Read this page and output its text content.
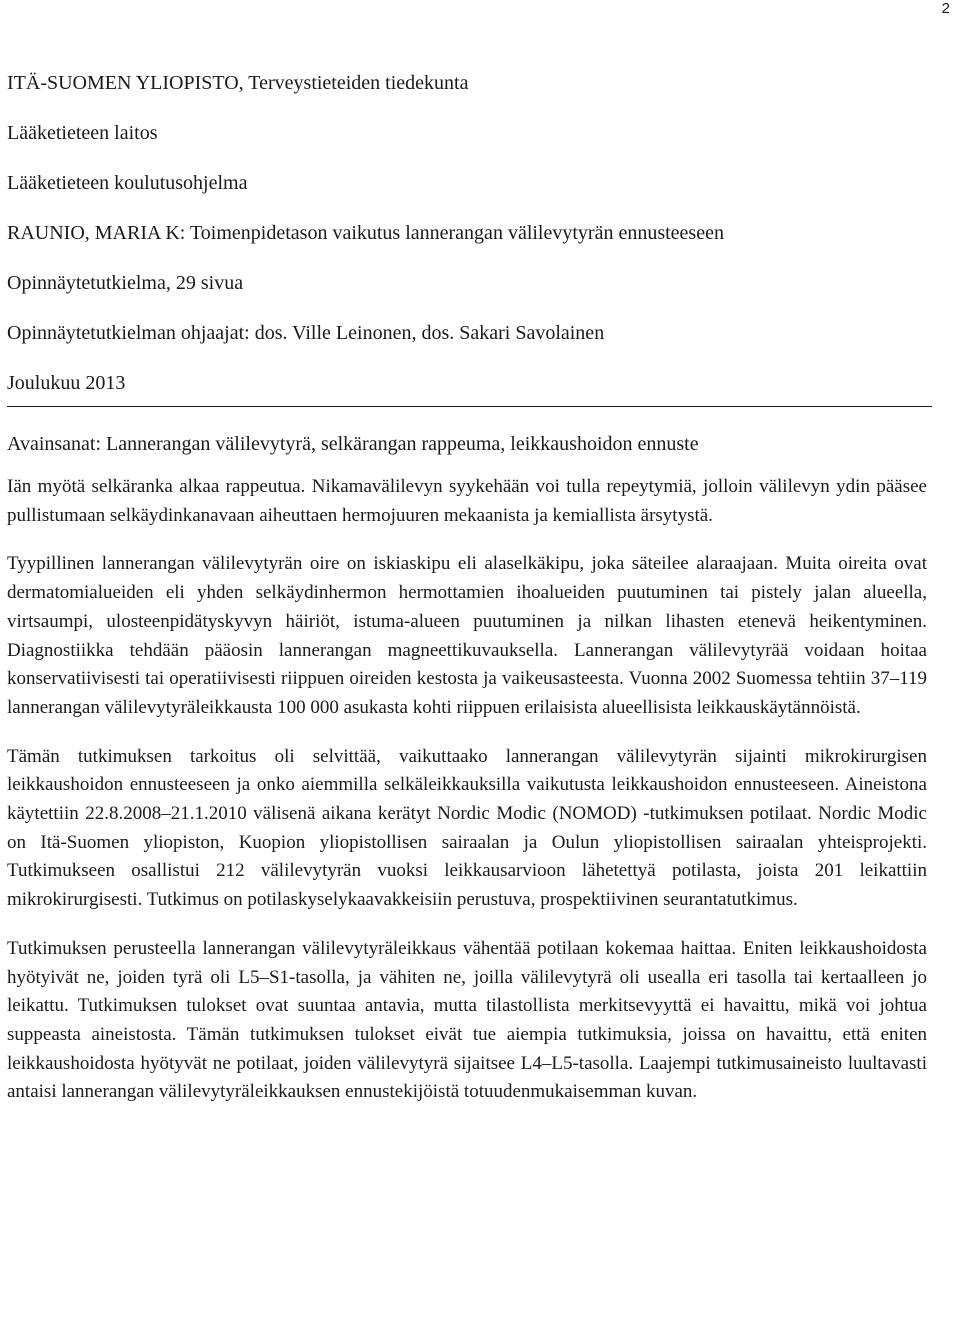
2
ITÄ-SUOMEN YLIOPISTO, Terveystieteiden tiedekunta
Lääketieteen laitos
Lääketieteen koulutusohjelma
RAUNIO, MARIA K: Toimenpidetason vaikutus lannerangan välilevytyrän ennusteeseen
Opinnäytetutkielma, 29 sivua
Opinnäytetutkielman ohjaajat: dos. Ville Leinonen, dos. Sakari Savolainen
Joulukuu 2013
Avainsanat: Lannerangan välilevytyrä, selkärangan rappeuma, leikkaushoidon ennuste

Iän myötä selkäranka alkaa rappeutua. Nikamavälilevyn syykehään voi tulla repeytymiä, jolloin välilevyn ydin pääsee pullistumaan selkäydinkanavaan aiheuttaen hermojuuren mekaanista ja kemiallista ärsytystä.

Tyypillinen lannerangan välilevytyrän oire on iskiaskipu eli alaselkäkipu, joka säteilee alaraajaan. Muita oireita ovat dermatomialueiden eli yhden selkäydinhermon hermottamien ihoalueiden puutuminen tai pistely jalan alueella, virtsaumpi, ulosteenpidätyskyvyn häiriöt, istuma-alueen puutuminen ja nilkan lihasten etenevä heikentyminen. Diagnostiikka tehdään pääosin lannerangan magneettikuvauksella. Lannerangan välilevytyrää voidaan hoitaa konservatiivisesti tai operatiivisesti riippuen oireiden kestosta ja vaikeusasteesta. Vuonna 2002 Suomessa tehtiin 37–119 lannerangan välilevytyräleikkausta 100 000 asukasta kohti riippuen erilaisista alueellisista leikkauskäytännöistä.

Tämän tutkimuksen tarkoitus oli selvittää, vaikuttaako lannerangan välilevytyrän sijainti mikrokirurgisen leikkaushoidon ennusteeseen ja onko aiemmilla selkäleikkauksilla vaikutusta leikkaushoidon ennusteeseen. Aineistona käytettiin 22.8.2008–21.1.2010 välisenä aikana kerätyt Nordic Modic (NOMOD) -tutkimuksen potilaat. Nordic Modic on Itä-Suomen yliopiston, Kuopion yliopistollisen sairaalan ja Oulun yliopistollisen sairaalan yhteisprojekti. Tutkimukseen osallistui 212 välilevytyrän vuoksi leikkausarvioon lähetettyä potilasta, joista 201 leikattiin mikrokirurgisesti. Tutkimus on potilaskyselykaavakkeisiin perustuva, prospektiivinen seurantatutkimus.

Tutkimuksen perusteella lannerangan välilevytyräleikkaus vähentää potilaan kokemaa haittaa. Eniten leikkaushoidosta hyötyivät ne, joiden tyrä oli L5–S1-tasolla, ja vähiten ne, joilla välilevytyrä oli usealla eri tasolla tai kertaalleen jo leikattu. Tutkimuksen tulokset ovat suuntaa antavia, mutta tilastollista merkitsevyyttä ei havaittu, mikä voi johtua suppeasta aineistosta. Tämän tutkimuksen tulokset eivät tue aiempia tutkimuksia, joissa on havaittu, että eniten leikkaushoidosta hyötyvät ne potilaat, joiden välilevytyrä sijaitsee L4–L5-tasolla. Laajempi tutkimusaineisto luultavasti antaisi lannerangan välilevytyräleikkauksen ennustekijöistä totuudenmukaisemman kuvan.
